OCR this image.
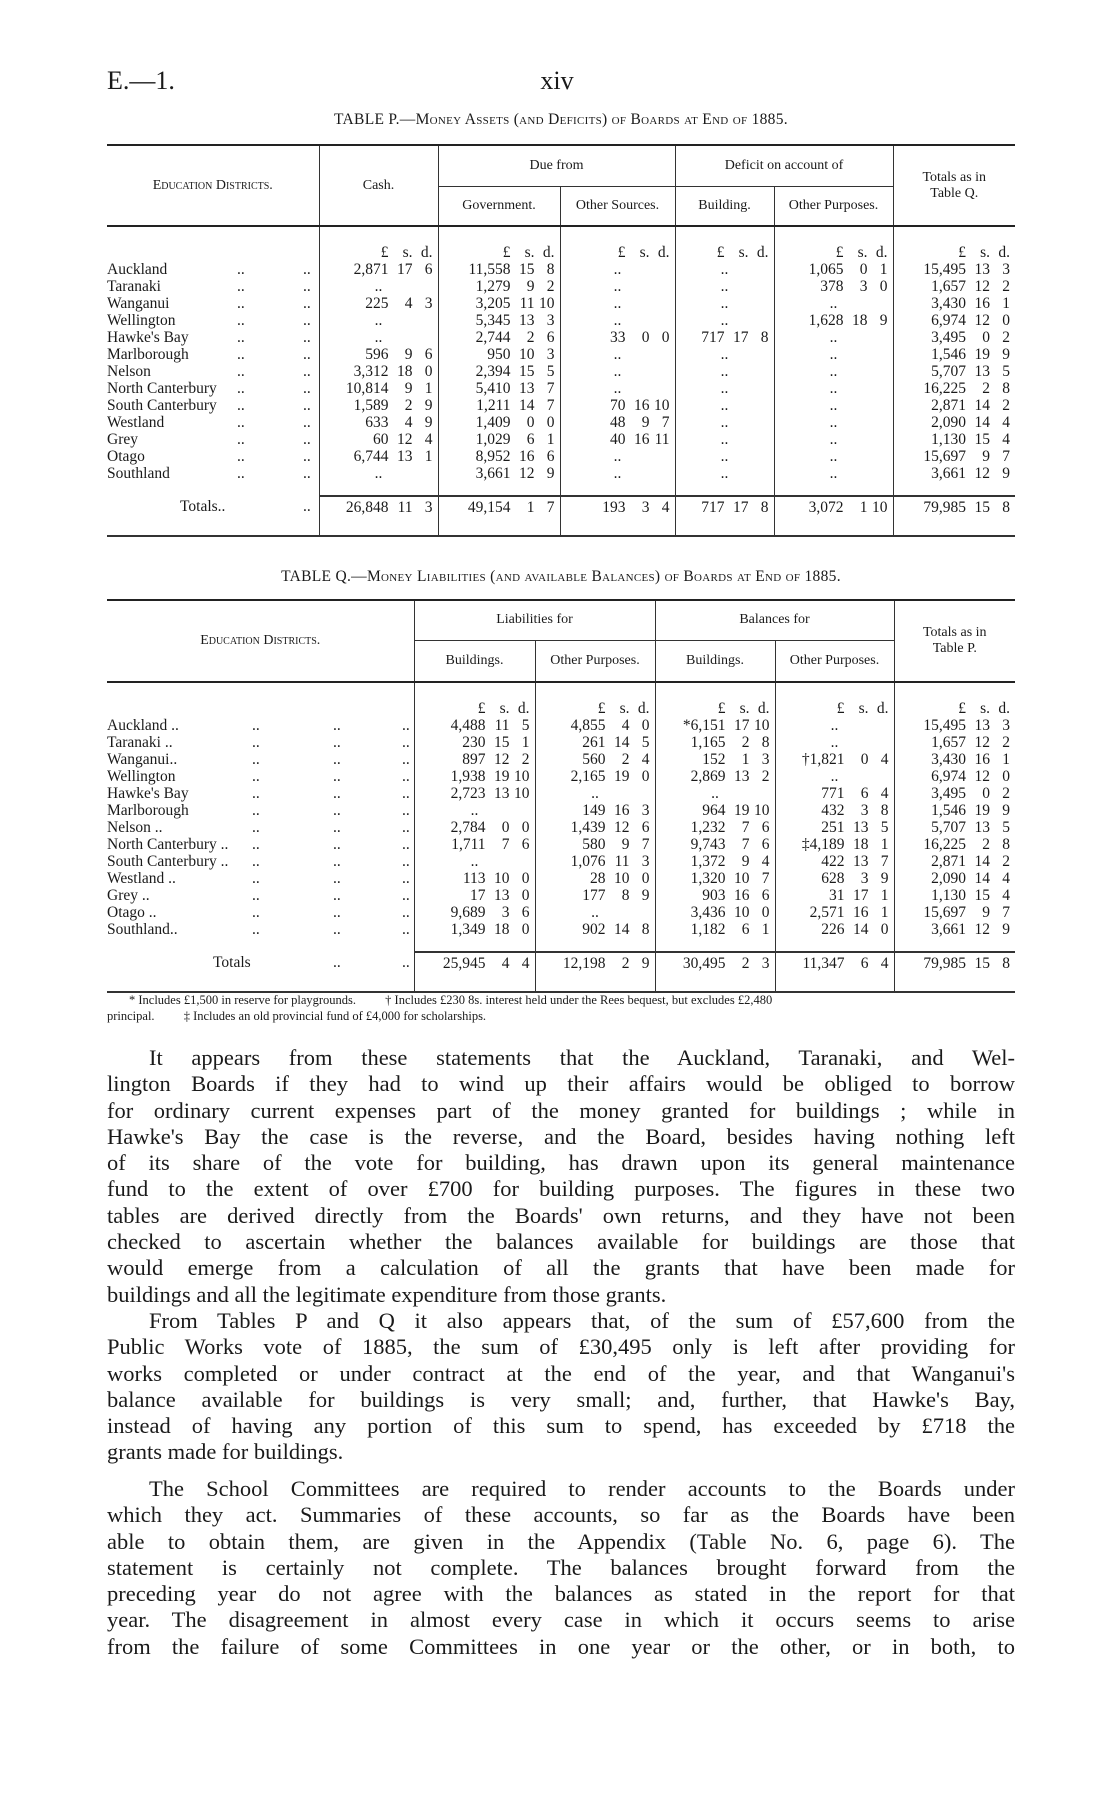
E.—1.	xiv
TABLE P.—Money Assets (and Deficits) of Boards at End of 1885.
Education Districts.	Cash.	Due from		Deficit on account of		Totals as in Table Q.
		Government.	Other Sources.	Building.	Other Purposes.	

	£ s. d.	£ s. d.	£ s. d.	£ s. d.	£ s. d.	£ s. d.

Auckland .. ..	2,871 17 6	11,558 15 8	..	..	1,065 0 1	15,495 13 3

Taranaki .. ..	..	1,279 9 2	..	..	378 3 0	1,657 12 2

Wanganui .. ..	225 4 3	3,205 11 10	..	..	..	3,430 16 1

Wellington .. ..	..	5,345 13 3	..	..	1,628 18 9	6,974 12 0

Hawke's Bay .. ..	..	2,744 2 6	33 0 0	717 17 8	..	3,495 0 2

Marlborough .. ..	596 9 6	950 10 3	..	..	..	1,546 19 9

Nelson .. ..	3,312 18 0	2,394 15 5	..	..	..	5,707 13 5

North Canterbury .. ..	10,814 9 1	5,410 13 7	..	..	..	16,225 2 8

South Canterbury .. ..	1,589 2 9	1,211 14 7	70 16 10	..	..	2,871 14 2

Westland .. ..	633 4 9	1,409 0 0	48 9 7	..	..	2,090 14 4

Grey .. ..	60 12 4	1,029 6 1	40 16 11	..	..	1,130 15 4

Otago .. ..	6,744 13 1	8,952 16 6	..	..	..	15,697 9 7

Southland .. ..	..	3,661 12 9	..	..	..	3,661 12 9

Totals.. ..	26,848 11 3	49,154 1 7	193 3 4	717 17 8	3,072 1 10	79,985 15 8

TABLE Q.—Money Liabilities (and available Balances) of Boards at End of 1885.
Education Districts.	Liabilities for		Balances for		Totals as in Table P.
	Buildings.	Other Purposes.	Buildings.	Other Purposes.	

	£ s. d.	£ s. d.	£ s. d.	£ s. d.	£ s. d.

Auckland .. .. .. ..	4,488 11 5	4,855 4 0	*6,151 17 10	..	15,495 13 3

Taranaki .. .. .. ..	230 15 1	261 14 5	1,165 2 8	..	1,657 12 2

Wanganui.. .. .. ..	897 12 2	560 2 4	152 1 3	†1,821 0 4	3,430 16 1

Wellington .. .. ..	1,938 19 10	2,165 19 0	2,869 13 2	..	6,974 12 0

Hawke's Bay .. .. ..	2,723 13 10	..	..	771 6 4	3,495 0 2

Marlborough .. .. ..	..	149 16 3	964 19 10	432 3 8	1,546 19 9

Nelson .. .. .. ..	2,784 0 0	1,439 12 6	1,232 7 6	251 13 5	5,707 13 5

North Canterbury .. .. .. ..	1,711 7 6	580 9 7	9,743 7 6	‡4,189 18 1	16,225 2 8

South Canterbury .. .. .. ..	..	1,076 11 3	1,372 9 4	422 13 7	2,871 14 2

Westland .. .. .. ..	113 10 0	28 10 0	1,320 10 7	628 3 9	2,090 14 4

Grey .. .. .. ..	17 13 0	177 8 9	903 16 6	31 17 1	1,130 15 4

Otago .. .. .. ..	9,689 3 6	..	3,436 10 0	2,571 16 1	15,697 9 7

Southland.. .. .. ..	1,349 18 0	902 14 8	1,182 6 1	226 14 0	3,661 12 9

Totals .. ..	25,945 4 4	12,198 2 9	30,495 2 3	11,347 6 4	79,985 15 8

* Includes £1,500 in reserve for playgrounds. † Includes £230 8s. interest held under the Rees bequest, but excludes £2,480
principal. ‡ Includes an old provincial fund of £4,000 for scholarships.
It appears from these statements that the Auckland, Taranaki, and Wel-
lington Boards if they had to wind up their affairs would be obliged to borrow
for ordinary current expenses part of the money granted for buildings ; while in
Hawke's Bay the case is the reverse, and the Board, besides having nothing left
of its share of the vote for building, has drawn upon its general maintenance
fund to the extent of over £700 for building purposes. The figures in these two
tables are derived directly from the Boards' own returns, and they have not been
checked to ascertain whether the balances available for buildings are those that
would emerge from a calculation of all the grants that have been made for
buildings and all the legitimate expenditure from those grants.
From Tables P and Q it also appears that, of the sum of £57,600 from the
Public Works vote of 1885, the sum of £30,495 only is left after providing for
works completed or under contract at the end of the year, and that Wanganui's
balance available for buildings is very small; and, further, that Hawke's Bay,
instead of having any portion of this sum to spend, has exceeded by £718 the
grants made for buildings.
The School Committees are required to render accounts to the Boards under
which they act. Summaries of these accounts, so far as the Boards have been
able to obtain them, are given in the Appendix (Table No. 6, page 6). The
statement is certainly not complete. The balances brought forward from the
preceding year do not agree with the balances as stated in the report for that
year. The disagreement in almost every case in which it occurs seems to arise
from the failure of some Committees in one year or the other, or in both, to
